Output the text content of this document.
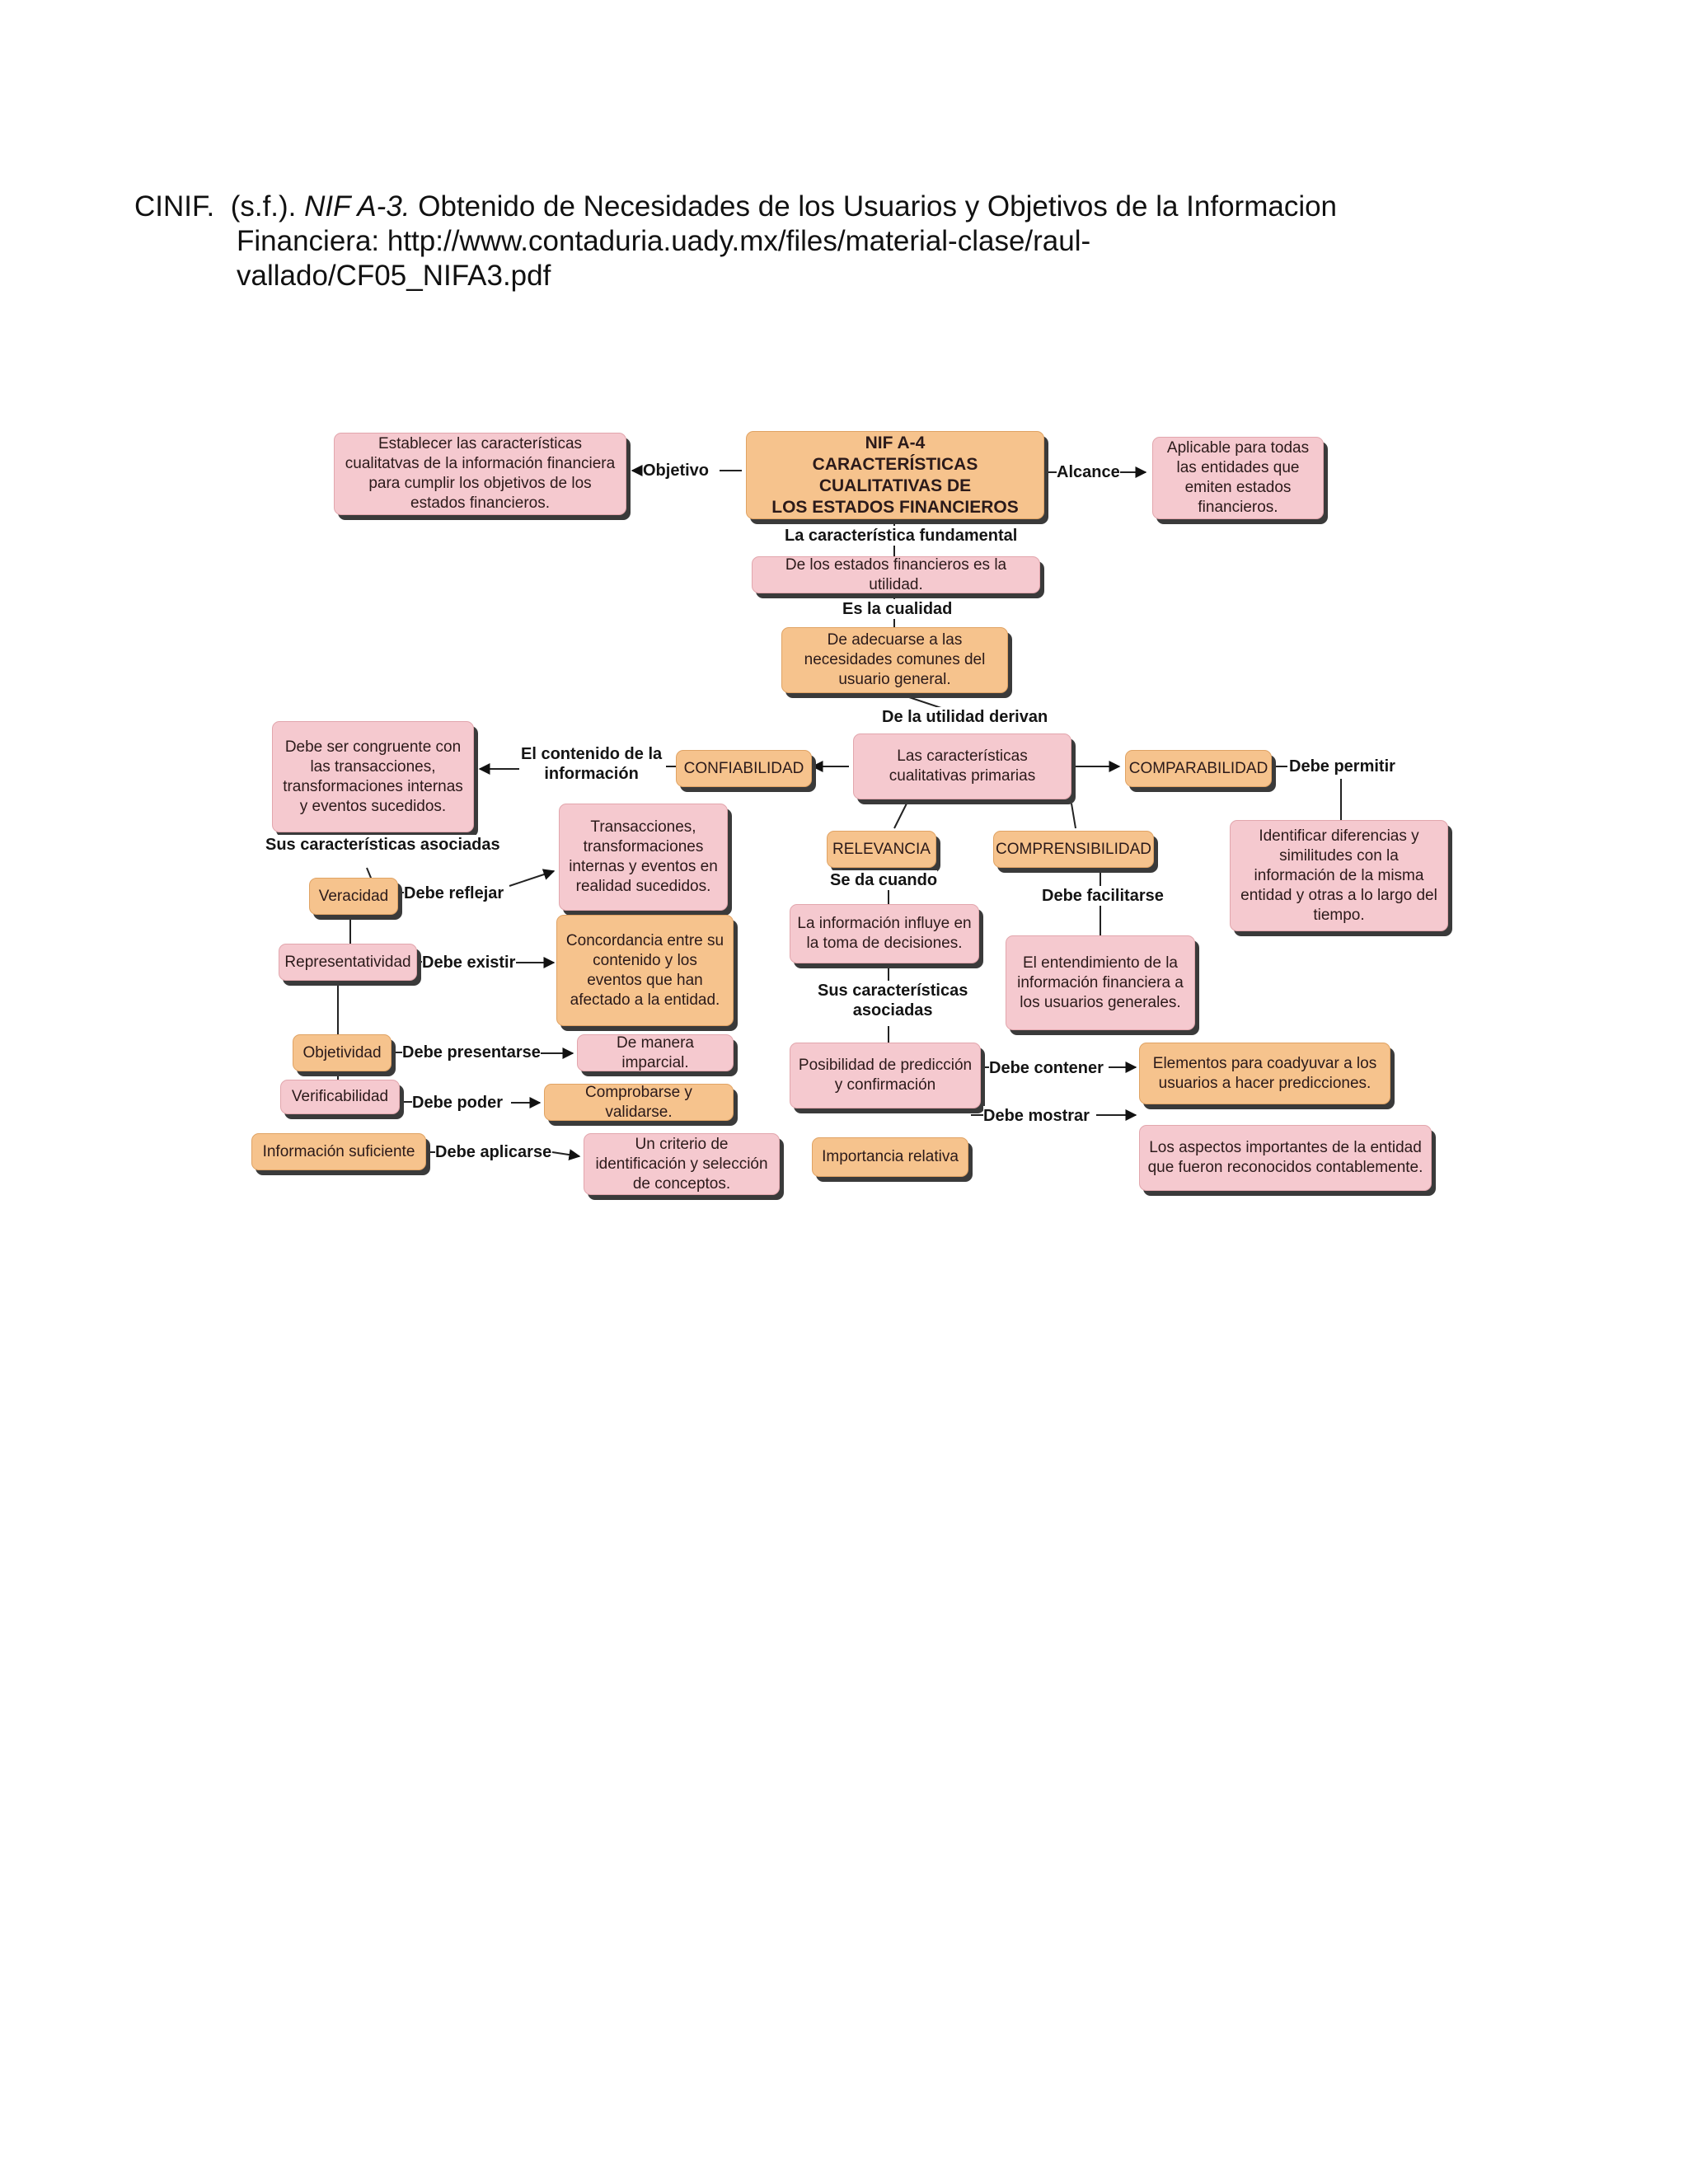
CINIF. (s.f.). NIF A-3. Obtenido de Necesidades de los Usuarios y Objetivos de la Informacion
Financiera: http://www.contaduria.uady.mx/files/material-clase/raul-
vallado/CF05_NIFA3.pdf
Establecer las características cualitatvas de la información financiera para cumplir los objetivos de los estados financieros.
NIF A-4
CARACTERÍSTICAS CUALITATIVAS DE
LOS ESTADOS FINANCIEROS
Aplicable para todas las entidades que emiten estados financieros.
De los estados financieros es la utilidad.
De adecuarse a las necesidades comunes del usuario general.
Las características cualitativas primarias
CONFIABILIDAD	COMPARABILIDAD
RELEVANCIA	COMPRENSIBILIDAD
Debe ser congruente con las transacciones, transformaciones internas y eventos sucedidos.
Transacciones, transformaciones internas y eventos en realidad sucedidos.
Veracidad
Representatividad
Concordancia entre su contenido y los eventos que han afectado a la entidad.
Objetividad
De manera imparcial.
Verificabilidad	Comprobarse y validarse.
Información suficiente	Un criterio de identificación y selección de conceptos.
La información influye en la toma de decisiones.
El entendimiento de la información financiera a los usuarios generales.
Identificar diferencias y similitudes con la información de la misma entidad y otras a lo largo del tiempo.
Posibilidad de predicción y confirmación
Elementos para coadyuvar a los usuarios a hacer predicciones.
Importancia relativa
Los aspectos importantes de la entidad que fueron reconocidos contablemente.
Objetivo	Alcance
La característica fundamental
Es la cualidad
De la utilidad derivan
El contenido de la
información	Debe permitir
Sus características asociadas
Debe reflejar
Debe existir
Debe presentarse
Debe poder
Debe aplicarse
Se da cuando
Debe facilitarse
Sus características
asociadas
Debe contener
Debe mostrar
